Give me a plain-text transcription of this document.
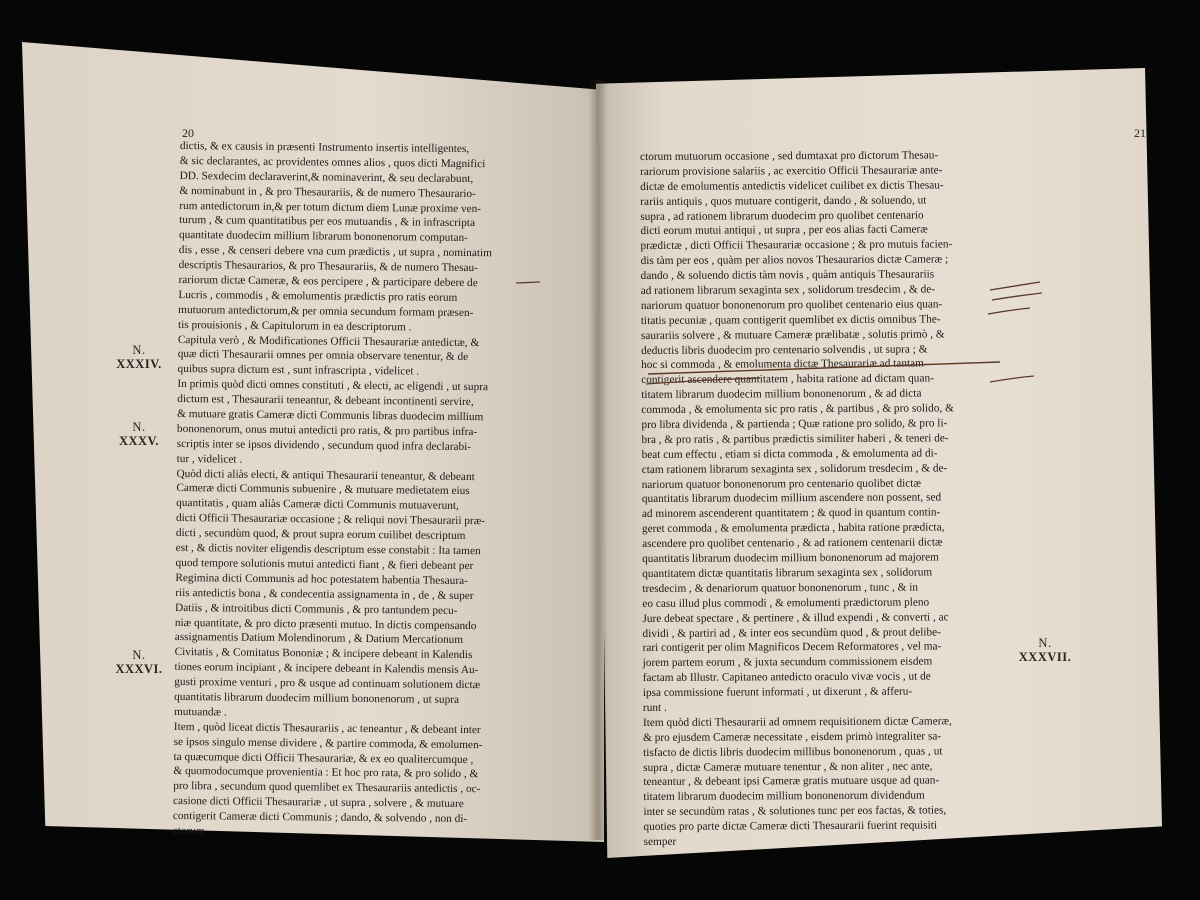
20	21
dictis, & ex causis in præsenti Instrumento insertis intelligentes,
& sic declarantes, ac providentes omnes alios , quos dicti Magnifici
DD. Sexdecim declaraverint,& nominaverint, & seu declarabunt,
& nominabunt in , & pro Thesaurariis, & de numero Thesaurario-
rum antedictorum in,& per totum dictum diem Lunæ proxime ven-
turum , & cum quantitatibus per eos mutuandis , & in infrascripta
quantitate duodecim millium librarum bononenorum computan-
dis , esse , & censeri debere vna cum prædictis , ut supra , nominatim
descriptis Thesaurarios, & pro Thesaurariis, & de numero Thesau-
rariorum dictæ Cameræ, & eos percipere , & participare debere de
Lucris , commodis , & emolumentis prædictis pro ratis eorum
mutuorum antedictorum,& per omnia secundum formam præsen-
tis prouisionis , & Capitulorum in ea descriptorum .
Capitula verò , & Modificationes Officii Thesaurariæ antedictæ, &
quæ dicti Thesaurarii omnes per omnia observare tenentur, & de
quibus supra dictum est , sunt infrascripta , videlicet .
In primis quòd dicti omnes constituti , & electi, ac eligendi , ut supra
dictum est , Thesaurarii teneantur, & debeant incontinenti servire,
& mutuare gratis Cameræ dicti Communis libras duodecim millium
bononenorum, onus mutui antedicti pro ratis, & pro partibus infra-
scriptis inter se ipsos dividendo , secundum quod infra declarabi-
tur , videlicet .
Quòd dicti aliàs electi, & antiqui Thesaurarii teneantur, & debeant
Cameræ dicti Communis subuenire , & mutuare medietatem eius
quantitatis , quam aliàs Cameræ dicti Communis mutuaverunt,
dicti Officii Thesaurariæ occasione ; & reliqui novi Thesaurarii præ-
dicti , secundùm quod, & prout supra eorum cuilibet descriptum
est , & dictis noviter eligendis descriptum esse constabit : Ita tamen
quod tempore solutionis mutui antedicti fiant , & fieri debeant per
Regimina dicti Communis ad hoc potestatem habentia Thesaura-
riis antedictis bona , & condecentia assignamenta in , de , & super
Datiis , & introitibus dicti Communis , & pro tantundem pecu-
niæ quantitate, & pro dicto præsenti mutuo. In dictis compensando
assignamentis Datium Molendinorum , & Datium Mercationum
Civitatis , & Comitatus Bononiæ ; & incipere debeant in Kalendis
tiones eorum incipiant , & incipere debeant in Kalendis mensis Au-
gusti proxime venturi , pro & usque ad continuam solutionem dictæ
quantitatis librarum duodecim millium bononenorum , ut supra
mutuandæ .
Item , quòd liceat dictis Thesaurariis , ac teneantur , & debeant inter
se ipsos singulo mense dividere , & partire commoda, & emolumen-
ta quæcumque dicti Officii Thesaurariæ, & ex eo qualitercumque ,
& quomodocumque provenientia : Et hoc pro rata, & pro solido , &
pro libra , secundum quod quemlibet ex Thesaurariis antedictis , oc-
casione dicti Officii Thesaurariæ , ut supra , solvere , & mutuare
contigerit Cameræ dicti Communis ; dando, & solvendo , non di-
ctorum
ctorum mutuorum occasione , sed dumtaxat pro dictorum Thesau-
rariorum provisione salariis , ac exercitio Officii Thesaurariæ ante-
dictæ de emolumentis antedictis videlicet cuilibet ex dictis Thesau-
rariis antiquis , quos mutuare contigerit, dando , & soluendo, ut
supra , ad rationem librarum duodecim pro quolibet centenario
dicti eorum mutui antiqui , ut supra , per eos alias facti Cameræ
prædictæ , dicti Officii Thesaurariæ occasione ; & pro mutuis facien-
dis tàm per eos , quàm per alios novos Thesaurarios dictæ Cameræ ;
dando , & soluendo dictis tàm novis , quàm antiquis Thesaurariis
ad rationem librarum sexaginta sex , solidorum tresdecim , & de-
nariorum quatuor bononenorum pro quolibet centenario eius quan-
titatis pecuniæ , quam contigerit quemlibet ex dictis omnibus The-
saurariis solvere , & mutuare Cameræ prælibatæ , solutis primò , &
deductis libris duodecim pro centenario solvendis , ut supra ; &
hoc si commoda , & emolumenta dictæ Thesaurariæ ad tantam
contigerit ascendere quantitatem , habita ratione ad dictam quan-
titatem librarum duodecim millium bononenorum , & ad dicta
commoda , & emolumenta sic pro ratis , & partibus , & pro solido, &
pro libra dividenda , & partienda ; Quæ ratione pro solido, & pro li-
bra , & pro ratis , & partibus prædictis similiter haberi , & teneri de-
beat cum effectu , etiam si dicta commoda , & emolumenta ad di-
ctam rationem librarum sexaginta sex , solidorum tresdecim , & de-
nariorum quatuor bononenorum pro centenario quolibet dictæ
quantitatis librarum duodecim millium ascendere non possent, sed
ad minorem ascenderent quantitatem ; & quod in quantum contin-
geret commoda , & emolumenta prædicta , habita ratione prædicta,
ascendere pro quolibet centenario , & ad rationem centenarii dictæ
quantitatis librarum duodecim millium bononenorum ad majorem
quantitatem dictæ quantitatis librarum sexaginta sex , solidorum
tresdecim , & denariorum quatuor bononenorum , tunc , & in
eo casu illud plus commodi , & emolumenti prædictorum pleno
Jure debeat spectare , & pertinere , & illud expendi , & converti , ac
dividi , & partiri ad , & inter eos secundùm quod , & prout delibe-
rari contigerit per olim Magnificos Decem Reformatores , vel ma-
jorem partem eorum , & juxta secundum commissionem eisdem
factam ab Illustr. Capitaneo antedicto oraculo vivæ vocis , ut de
ipsa commissione fuerunt informati , ut dixerunt , & afferu-
runt .
Item quòd dicti Thesaurarii ad omnem requisitionem dictæ Cameræ,
& pro ejusdem Cameræ necessitate , eisdem primò integraliter sa-
tisfacto de dictis libris duodecim millibus bononenorum , quas , ut
supra , dictæ Cameræ mutuare tenentur , & non aliter , nec ante,
teneantur , & debeant ipsi Cameræ gratis mutuare usque ad quan-
titatem librarum duodecim millium bononenorum dividendum
inter se secundùm ratas , & solutiones tunc per eos factas, & toties,
quoties pro parte dictæ Cameræ dicti Thesaurarii fuerint requisiti
semper
N.
XXXIV.
N.
XXXV.
N.
XXXVI.
N.
XXXVII.
